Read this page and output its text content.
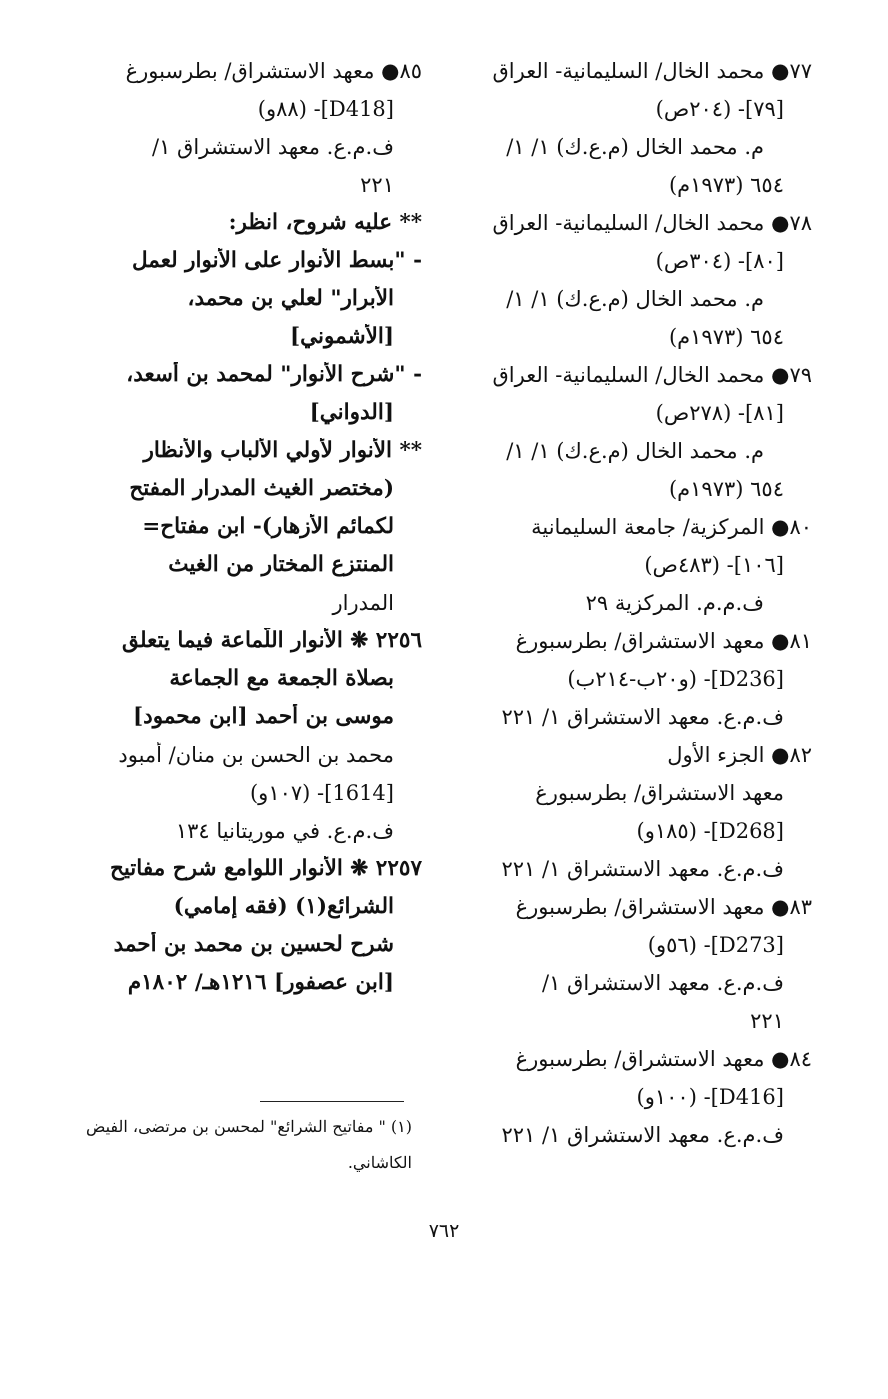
٧٧● محمد الخال/ السليمانية- العراق
[٧٩]- (٢٠٤ص)
م. محمد الخال (م.ع.ك) ١/ ١/
٦٥٤ (١٩٧٣م)
٧٨● محمد الخال/ السليمانية- العراق
[٨٠]- (٣٠٤ص)
م. محمد الخال (م.ع.ك) ١/ ١/
٦٥٤ (١٩٧٣م)
٧٩● محمد الخال/ السليمانية- العراق
[٨١]- (٢٧٨ص)
م. محمد الخال (م.ع.ك) ١/ ١/
٦٥٤ (١٩٧٣م)
٨٠● المركزية/ جامعة السليمانية
[١٠٦]- (٤٨٣ص)
ف.م.م. المركزية ٢٩
٨١● معهد الاستشراق/ بطرسبورغ
[D236]- (و٢٠ب-٢١٤ب)
ف.م.ع. معهد الاستشراق ١/ ٢٢١
٨٢● الجزء الأول
معهد الاستشراق/ بطرسبورغ
[D268]- (١٨٥و)
ف.م.ع. معهد الاستشراق ١/ ٢٢١
٨٣● معهد الاستشراق/ بطرسبورغ
[D273]- (٥٦و)
ف.م.ع. معهد الاستشراق ١/
٢٢١
٨٤● معهد الاستشراق/ بطرسبورغ
[D416]- (١٠٠و)
ف.م.ع. معهد الاستشراق ١/ ٢٢١
٨٥● معهد الاستشراق/ بطرسبورغ
[D418]- (٨٨و)
ف.م.ع. معهد الاستشراق ١/
٢٢١
** عليه شروح، انظر:
- "بسط الأنوار على الأنوار لعمل
الأبرار" لعلي بن محمد،
[الأشموني]
- "شرح الأنوار" لمحمد بن أسعد،
[الدواني]
** الأنوار لأولي الألباب والأنظار
(مختصر الغيث المدرار المفتح
لكمائم الأزهار)- ابن مفتاح=
المنتزع المختار من الغيث
المدرار
٢٢٥٦ ❋ الأنوار اللّماعة فيما يتعلق
بصلاة الجمعة مع الجماعة
موسى بن أحمد [ابن محمود]
محمد بن الحسن بن منان/ أمبود
[1614]- (١٠٧و)
ف.م.ع. في موريتانيا ١٣٤
٢٢٥٧ ❋ الأنوار اللوامع شرح مفاتيح
الشرائع(١) (فقه إمامي)
شرح لحسين بن محمد بن أحمد
[ابن عصفور] ١٢١٦هـ/ ١٨٠٢م
(١) " مفاتيح الشرائع" لمحسن بن مرتضى، الفيض
الكاشاني.
٧٦٢
